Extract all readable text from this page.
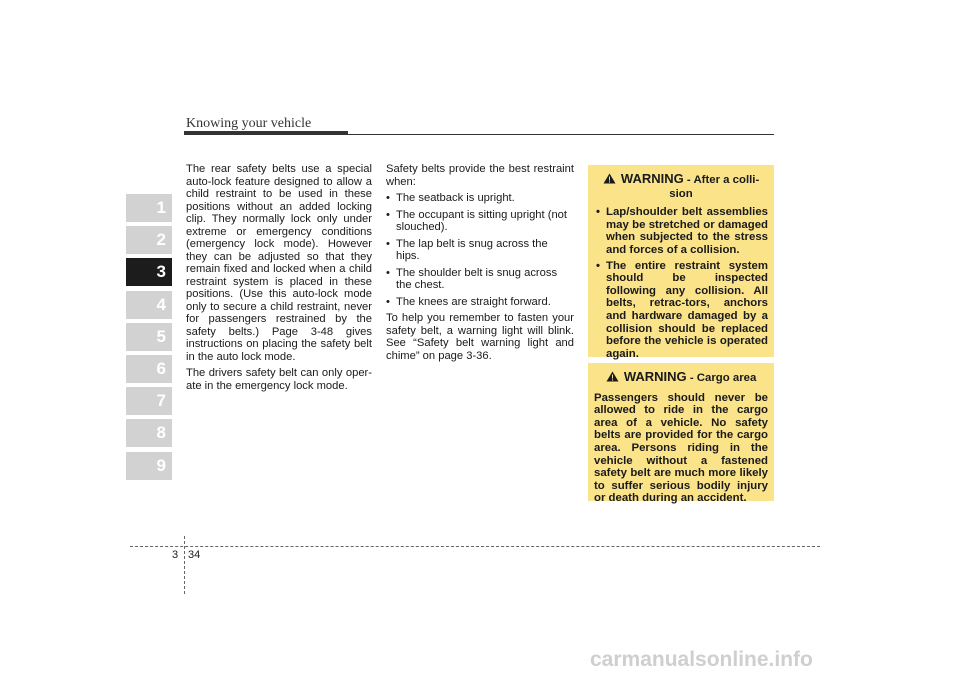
Knowing your vehicle
1
2
3
4
5
6
7
8
9

The rear safety belts use a special auto-lock feature designed to allow a child restraint to be used in these positions without an added locking clip. They normally lock only under extreme or emergency conditions (emergency lock mode). However they can be adjusted so that they remain fixed and locked when a child restraint system is placed in these positions. (Use this auto-lock mode only to secure a child restraint, never for passengers restrained by the safety belts.) Page 3-48 gives instructions on placing the safety belt in the auto lock mode.

The drivers safety belt can only oper-ate in the emergency lock mode.

Safety belts provide the best restraint when:

• The seatback is upright.
• The occupant is sitting upright (not slouched).
• The lap belt is snug across the hips.
• The shoulder belt is snug across the chest.
• The knees are straight forward.

To help you remember to fasten your safety belt, a warning light will blink. See “Safety belt warning light and chime” on page 3-36.

WARNING - After a colli-sion
• Lap/shoulder belt assemblies may be stretched or damaged when subjected to the stress and forces of a collision.
• The entire restraint system should be inspected following any collision. All belts, retrac-tors, anchors and hardware damaged by a collision should be replaced before the vehicle is operated again.
WARNING - Cargo area

Passengers should never be allowed to ride in the cargo area of a vehicle. No safety belts are provided for the cargo area. Persons riding in the vehicle without a fastened safety belt are much more likely to suffer serious bodily injury or death during an accident.

3 34
carmanualsonline.info
